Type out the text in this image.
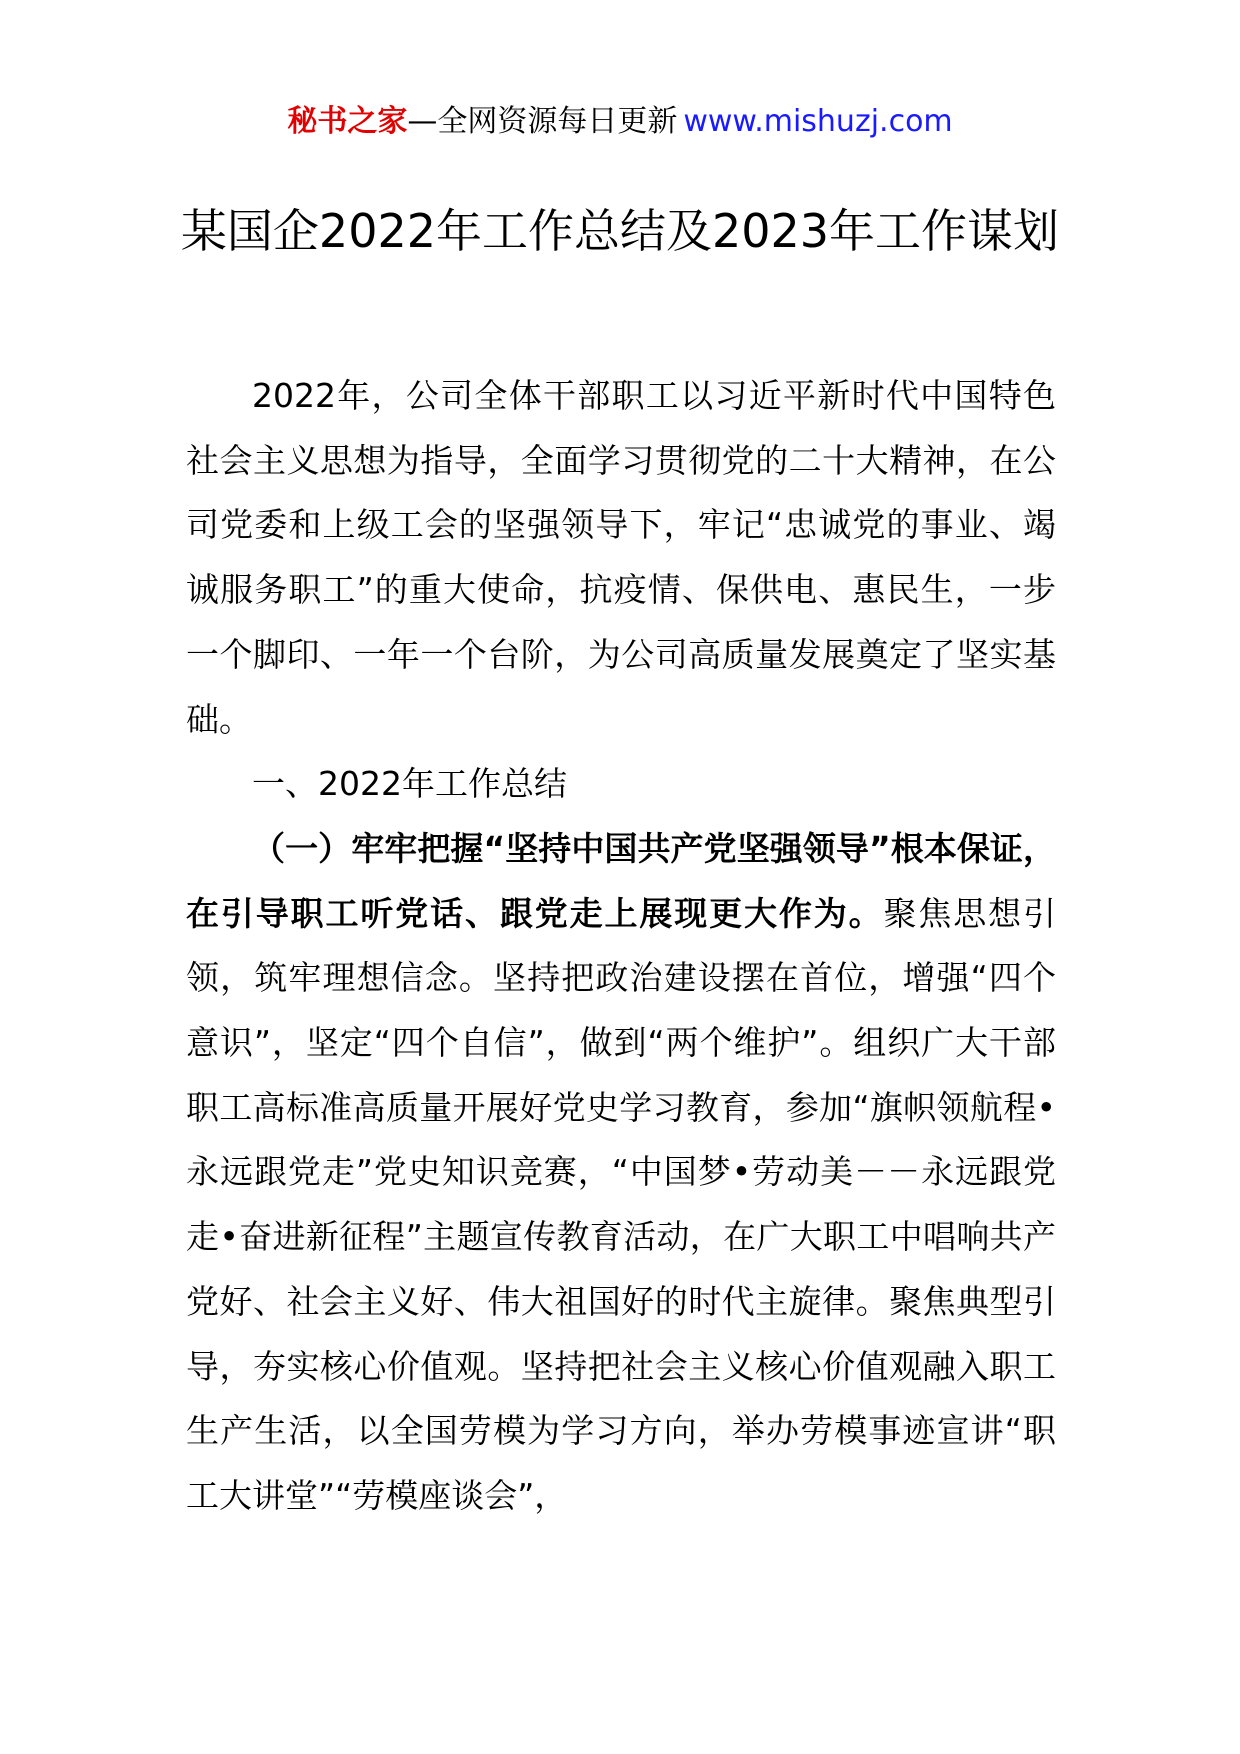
秘书之家—全网资源每日更新 www.mishuzj.com
某国企2022年工作总结及2023年工作谋划

2022年，公司全体干部职工以习近平新时代中国特色社会主义思想为指导，全面学习贯彻党的二十大精神，在公司党委和上级工会的坚强领导下，牢记“忠诚党的事业、竭诚服务职工”的重大使命，抗疫情、保供电、惠民生，一步一个脚印、一年一个台阶，为公司高质量发展奠定了坚实基础。

一、2022年工作总结

（一）牢牢把握“坚持中国共产党坚强领导”根本保证，在引导职工听党话、跟党走上展现更大作为。聚焦思想引领，筑牢理想信念。坚持把政治建设摆在首位，增强“四个意识”，坚定“四个自信”，做到“两个维护”。组织广大干部职工高标准高质量开展好党史学习教育，参加“旗帜领航程•永远跟党走”党史知识竞赛，“中国梦•劳动美－－永远跟党走•奋进新征程”主题宣传教育活动，在广大职工中唱响共产党好、社会主义好、伟大祖国好的时代主旋律。聚焦典型引导，夯实核心价值观。坚持把社会主义核心价值观融入职工生产生活，以全国劳模为学习方向，举办劳模事迹宣讲“职工大讲堂”“劳模座谈会”，
